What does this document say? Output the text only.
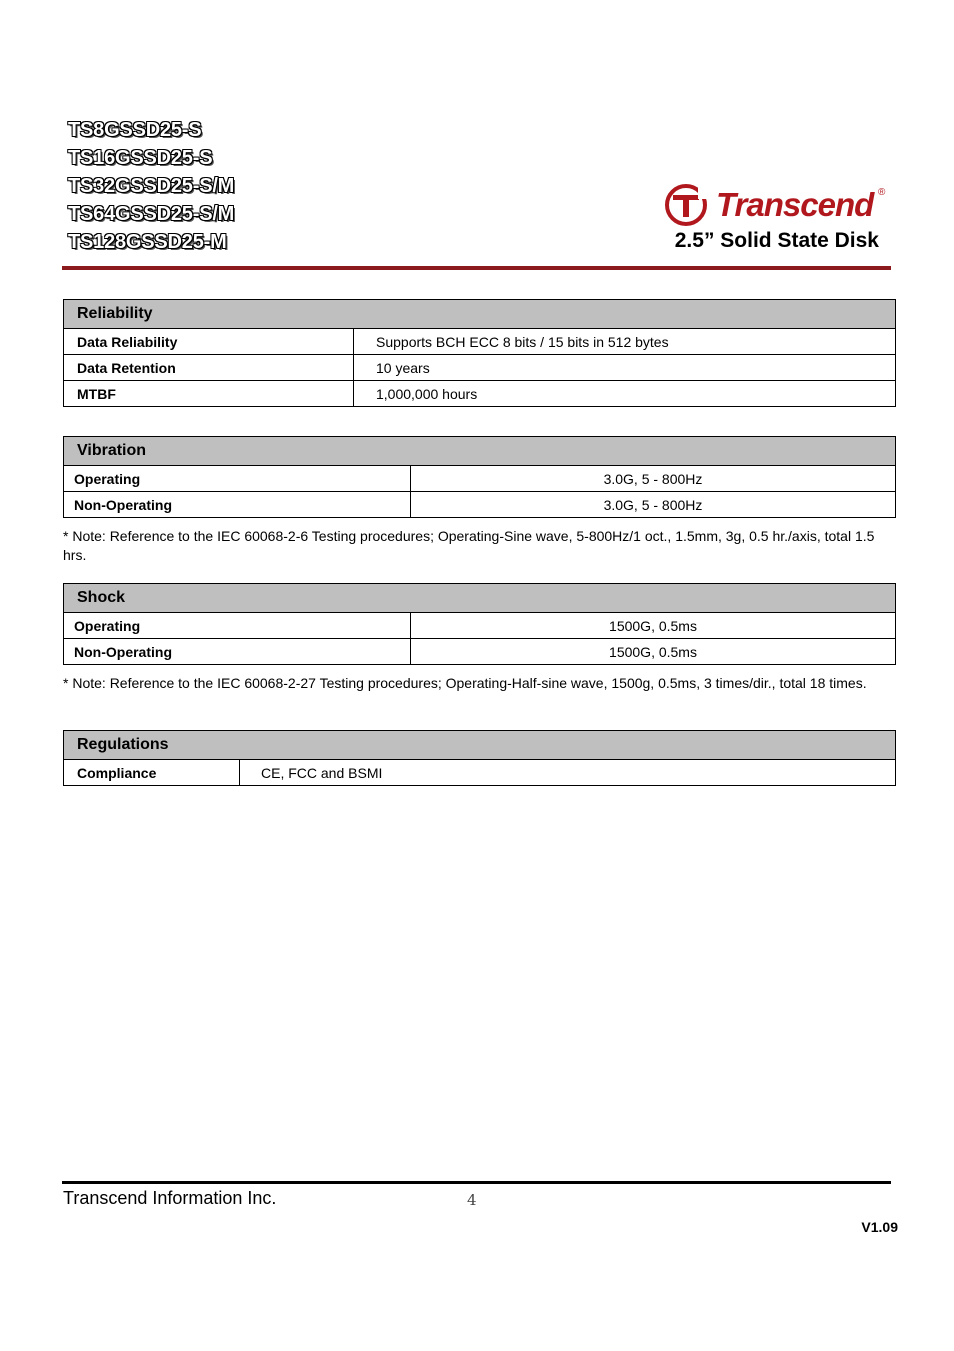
TS8GSSD25-S
TS16GSSD25-S
TS32GSSD25-S/M
TS64GSSD25-S/M
TS128GSSD25-M
Transcend ®
2.5” Solid State Disk
Reliability	
Data Reliability	Supports BCH ECC 8 bits / 15 bits in 512 bytes
Data Retention	10 years
MTBF	1,000,000 hours
Vibration	
Operating	3.0G, 5 - 800Hz
Non-Operating	3.0G, 5 - 800Hz
* Note: Reference to the IEC 60068-2-6 Testing procedures; Operating-Sine wave, 5-800Hz/1 oct., 1.5mm, 3g, 0.5 hr./axis, total 1.5 hrs.
Shock	
Operating	1500G, 0.5ms
Non-Operating	1500G, 0.5ms
* Note: Reference to the IEC 60068-2-27 Testing procedures; Operating-Half-sine wave, 1500g, 0.5ms, 3 times/dir., total 18 times.
Regulations
Compliance	CE, FCC and BSMI
Transcend Information Inc.	4
V1.09
